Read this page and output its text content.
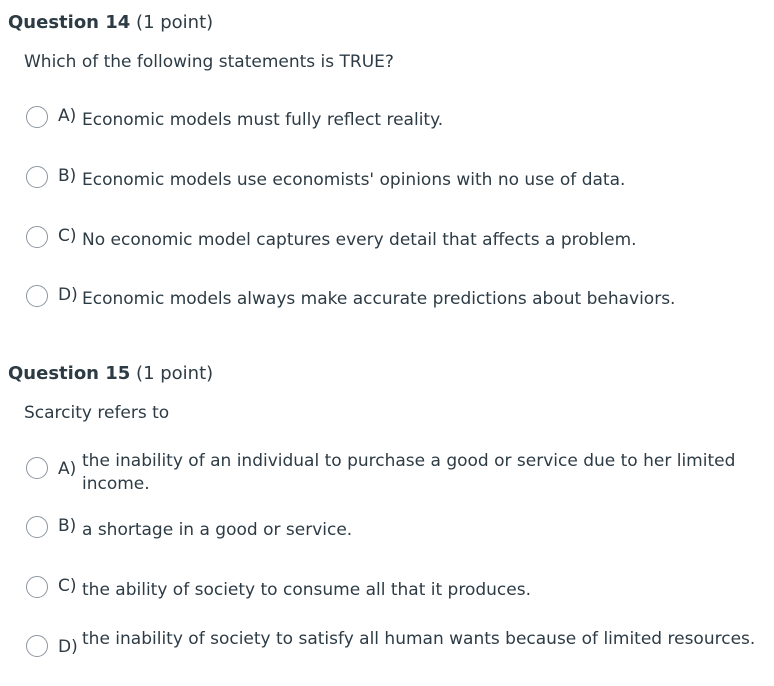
Question 14 (1 point)
Which of the following statements is TRUE?
A) Economic models must fully reflect reality.
B) Economic models use economists' opinions with no use of data.
C) No economic model captures every detail that affects a problem.
D) Economic models always make accurate predictions about behaviors.
Question 15 (1 point)
Scarcity refers to
A) the inability of an individual to purchase a good or service due to her limited income.
B) a shortage in a good or service.
C) the ability of society to consume all that it produces.
D) the inability of society to satisfy all human wants because of limited resources.
